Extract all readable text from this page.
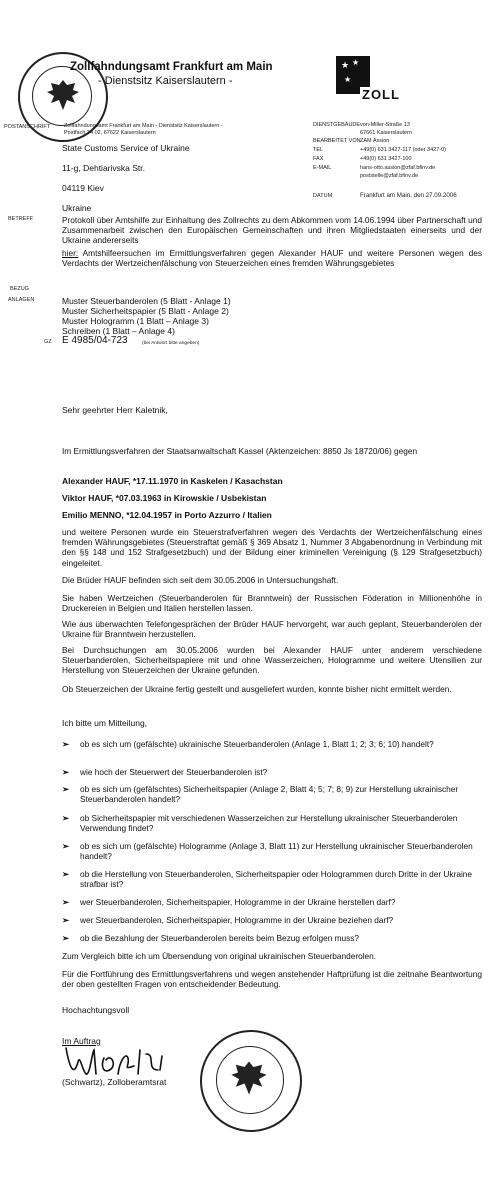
Zollfahndungsamt Frankfurt am Main
- Dienstsitz Kaiserslautern -
★ ★
★
ZOLL
POSTANSCHRIFT	Zollfahndungsamt Frankfurt am Main - Dienstsitz Kaiserslautern -
Postfach 34 02, 67622 Kaiserslautern
State Customs Service of Ukraine
11-g, Dehtiarivska Str.
04119 Kiev
Ukraine
DIENSTGEBÄUDE von-Miller-Straße 13
67661 Kaiserslautern
BEARBEITET VON ZAM Assion
TEL	+49(0) 631 3427-117 (oder 3427-0)
FAX	+49(0) 631 3427-100
E-MAIL	hans-otto.assion@zfaf.bfinv.de
poststelle@zfaf.bfinv.de
DATUM	Frankfurt am Main, den 27.09.2006
BETREFF	Protokoll über Amtshilfe zur Einhaltung des Zollrechts zu dem Abkommen vom 14.06.1994 über Partnerschaft und Zusammenarbeit zwischen den Europäischen Gemeinschaften und ihren Mitgliedstaaten einerseits und der Ukraine andererseits
hier: Amtshilfeersuchen im Ermittlungsverfahren gegen Alexander HAUF und weitere Personen wegen des Verdachts der Wertzeichenfälschung von Steuerzeichen eines fremden Währungsgebietes
BEZUG
ANLAGEN	Muster Steuerbanderolen (5 Blatt - Anlage 1)
Muster Sicherheitspapier (5 Blatt - Anlage 2)
Muster Hologramm (1 Blatt – Anlage 3)
Schreiben (1 Blatt – Anlage 4)
GZ E 4985/04-723	(bei Antwort bitte angeben)
Sehr geehrter Herr Kaletnik,
Im Ermittlungsverfahren der Staatsanwaltschaft Kassel (Aktenzeichen: 8850 Js 18720/06) gegen
Alexander HAUF, *17.11.1970 in Kaskelen / Kasachstan
Viktor HAUF, *07.03.1963 in Kirowskie / Usbekistan
Emilio MENNO, *12.04.1957 in Porto Azzurro / Italien
und weitere Personen wurde ein Steuerstrafverfahren wegen des Verdachts der Wertzeichenfälschung eines fremden Währungsgebietes (Steuerstraftat gemäß § 369 Absatz 1, Nummer 3 Abgabenordnung in Verbindung mit den §§ 148 und 152 Strafgesetzbuch) und der Bildung einer kriminellen Vereinigung (§ 129 Strafgesetzbuch) eingeleitet.
Die Brüder HAUF befinden sich seit dem 30.05.2006 in Untersuchungshaft.
Sie haben Wertzeichen (Steuerbanderolen für Branntwein) der Russischen Föderation in Millionenhöhe in Druckereien in Belgien und Italien herstellen lassen.
Wie aus überwachten Telefongesprächen der Brüder HAUF hervorgeht, war auch geplant, Steuerbanderolen der Ukraine für Branntwein herzustellen.
Bei Durchsuchungen am 30.05.2006 wurden bei Alexander HAUF unter anderem verschiedene Steuerbanderolen, Sicherheitspapiere mit und ohne Wasserzeichen, Hologramme und weitere Utensilien zur Herstellung von Steuerzeichen der Ukraine gefunden.
Ob Steuerzeichen der Ukraine fertig gestellt und ausgeliefert wurden, konnte bisher nicht ermittelt werden.
Ich bitte um Mitteilung,
➢ ob es sich um (gefälschte) ukrainische Steuerbanderolen (Anlage 1, Blatt 1; 2; 3; 6; 10) handelt?
➢ wie hoch der Steuerwert der Steuerbanderolen ist?
➢ ob es sich um (gefälschtes) Sicherheitspapier (Anlage 2, Blatt 4; 5; 7; 8; 9) zur Herstellung ukrainischer Steuerbanderolen handelt?
➢ ob Sicherheitspapier mit verschiedenen Wasserzeichen zur Herstellung ukrainischer Steuerbanderolen Verwendung findet?
➢ ob es sich um (gefälschte) Hologramme (Anlage 3, Blatt 11) zur Herstellung ukrainischer Steuerbanderolen handelt?
➢ ob die Herstellung von Steuerbanderolen, Sicherheitspapier oder Hologrammen durch Dritte in der Ukraine strafbar ist?
➢ wer Steuerbanderolen, Sicherheitspapier, Hologramme in der Ukraine herstellen darf?
➢ wer Steuerbanderolen, Sicherheitspapier, Hologramme in der Ukraine beziehen darf?
➢ ob die Bezahlung der Steuerbanderolen bereits beim Bezug erfolgen muss?
Zum Vergleich bitte ich um Übersendung von original ukrainischen Steuerbanderolen.
Für die Fortführung des Ermittlungsverfahrens und wegen anstehender Haftprüfung ist die zeitnahe Beantwortung der oben gestellten Fragen von entscheidender Bedeutung.
Hochachtungsvoll
Im Auftrag
(Schwartz), Zolloberamtsrat
